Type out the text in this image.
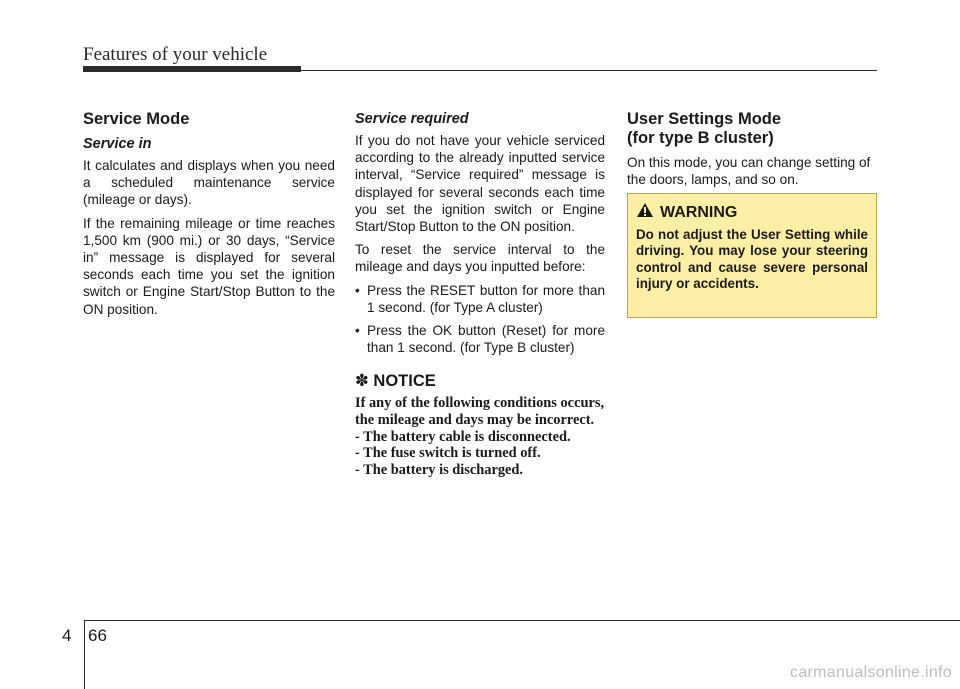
Features of your vehicle
Service Mode
Service in

It calculates and displays when you need a scheduled maintenance service (mileage or days).

If the remaining mileage or time reaches 1,500 km (900 mi.) or 30 days, “Service in” message is displayed for several seconds each time you set the ignition switch or Engine Start/Stop Button to the ON position.

Service required

If you do not have your vehicle serviced according to the already inputted service interval, “Service required” message is displayed for several seconds each time you set the ignition switch or Engine Start/Stop Button to the ON position.

To reset the service interval to the mileage and days you inputted before:

• Press the RESET button for more than 1 second. (for Type A cluster)
• Press the OK button (Reset) for more than 1 second. (for Type B cluster)
✽ NOTICE

If any of the following conditions occurs, the mileage and days may be incorrect.
- The battery cable is disconnected.
- The fuse switch is turned off.
- The battery is discharged.

User Settings Mode
(for type B cluster)

On this mode, you can change setting of the doors, lamps, and so on.

WARNING

Do not adjust the User Setting while driving. You may lose your steering control and cause severe personal injury or accidents.

4 66
carmanualsonline.info
